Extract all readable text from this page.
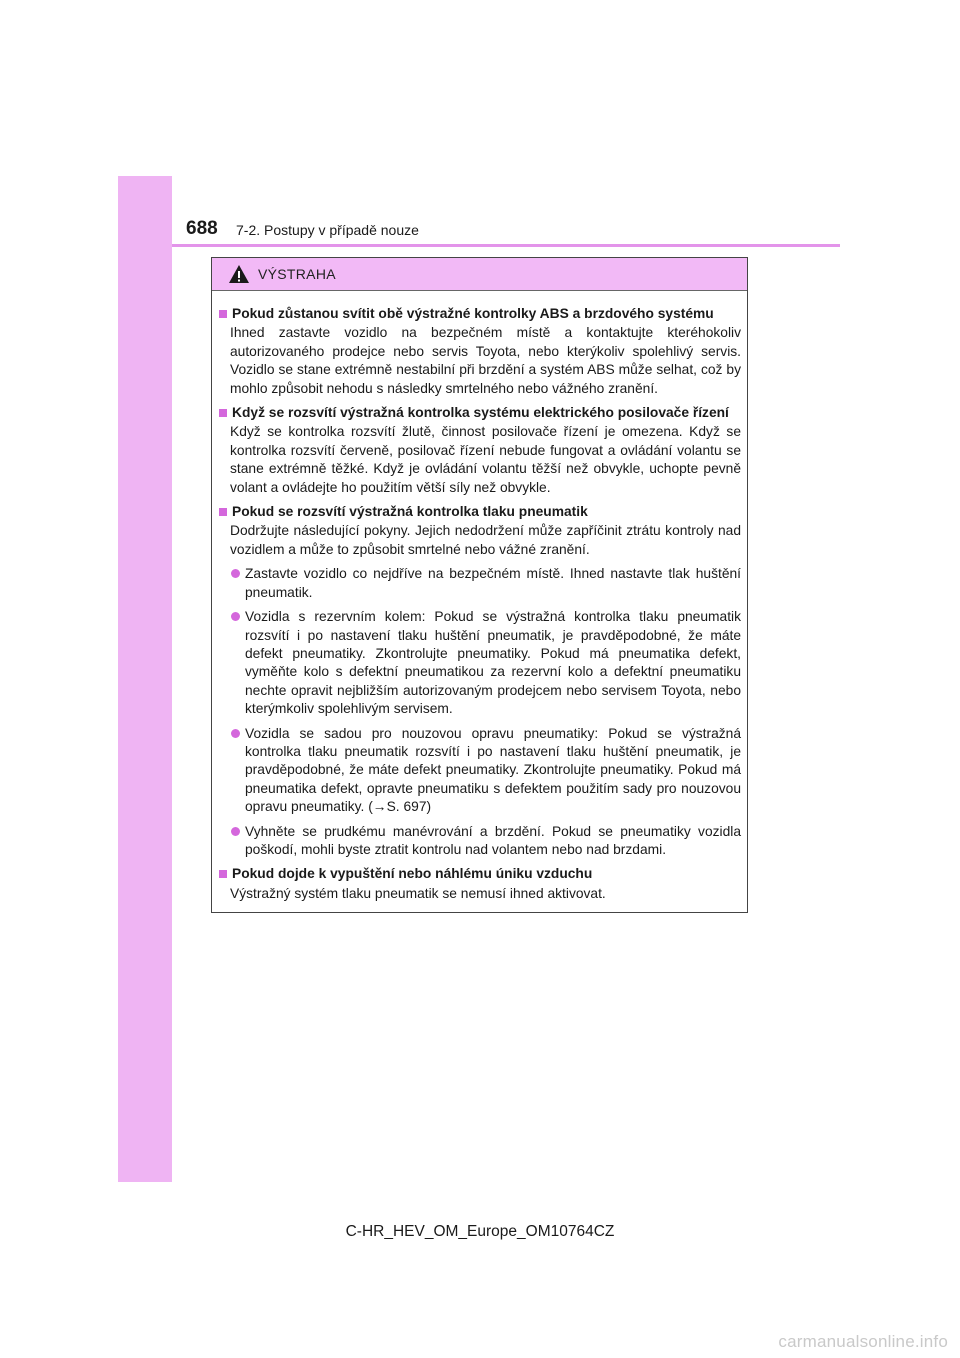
688 7-2. Postupy v případě nouze
VÝSTRAHA
Pokud zůstanou svítit obě výstražné kontrolky ABS a brzdového systému
Ihned zastavte vozidlo na bezpečném místě a kontaktujte kteréhokoliv autorizovaného prodejce nebo servis Toyota, nebo kterýkoliv spolehlivý servis. Vozidlo se stane extrémně nestabilní při brzdění a systém ABS může selhat, což by mohlo způsobit nehodu s následky smrtelného nebo vážného zranění.
Když se rozsvítí výstražná kontrolka systému elektrického posilovače řízení
Když se kontrolka rozsvítí žlutě, činnost posilovače řízení je omezena. Když se kontrolka rozsvítí červeně, posilovač řízení nebude fungovat a ovládání volantu se stane extrémně těžké. Když je ovládání volantu těžší než obvykle, uchopte pevně volant a ovládejte ho použitím větší síly než obvykle.
Pokud se rozsvítí výstražná kontrolka tlaku pneumatik
Dodržujte následující pokyny. Jejich nedodržení může zapříčinit ztrátu kontroly nad vozidlem a může to způsobit smrtelné nebo vážné zranění.
Zastavte vozidlo co nejdříve na bezpečném místě. Ihned nastavte tlak huštění pneumatik.
Vozidla s rezervním kolem: Pokud se výstražná kontrolka tlaku pneumatik rozsvítí i po nastavení tlaku huštění pneumatik, je pravděpodobné, že máte defekt pneumatiky. Zkontrolujte pneumatiky. Pokud má pneumatika defekt, vyměňte kolo s defektní pneumatikou za rezervní kolo a defektní pneumatiku nechte opravit nejbližším autorizovaným prodejcem nebo servisem Toyota, nebo kterýmkoliv spolehlivým servisem.
Vozidla se sadou pro nouzovou opravu pneumatiky: Pokud se výstražná kontrolka tlaku pneumatik rozsvítí i po nastavení tlaku huštění pneumatik, je pravděpodobné, že máte defekt pneumatiky. Zkontrolujte pneumatiky. Pokud má pneumatika defekt, opravte pneumatiku s defektem použitím sady pro nouzovou opravu pneumatiky. (→S. 697)
Vyhněte se prudkému manévrování a brzdění. Pokud se pneumatiky vozidla poškodí, mohli byste ztratit kontrolu nad volantem nebo nad brzdami.
Pokud dojde k vypuštění nebo náhlému úniku vzduchu
Výstražný systém tlaku pneumatik se nemusí ihned aktivovat.
C-HR_HEV_OM_Europe_OM10764CZ
carmanualsonline.info
